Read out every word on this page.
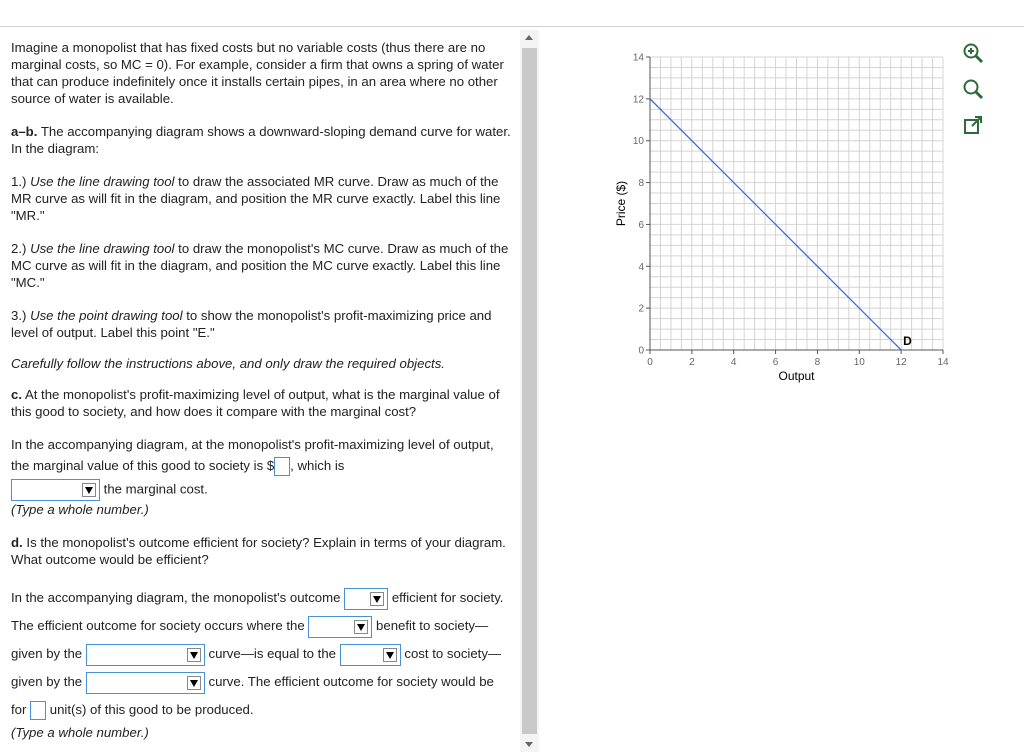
Imagine a monopolist that has fixed costs but no variable costs (thus there are no marginal costs, so MC = 0). For example, consider a firm that owns a spring of water that can produce indefinitely once it installs certain pipes, in an area where no other source of water is available.

a–b. The accompanying diagram shows a downward-sloping demand curve for water. In the diagram:

1.) Use the line drawing tool to draw the associated MR curve. Draw as much of the MR curve as will fit in the diagram, and position the MR curve exactly. Label this line "MR."

2.) Use the line drawing tool to draw the monopolist's MC curve. Draw as much of the MC curve as will fit in the diagram, and position the MC curve exactly. Label this line "MC."

3.) Use the point drawing tool to show the monopolist's profit-maximizing price and level of output. Label this point "E."

Carefully follow the instructions above, and only draw the required objects.

c. At the monopolist's profit-maximizing level of output, what is the marginal value of this good to society, and how does it compare with the marginal cost?

In the accompanying diagram, at the monopolist's profit-maximizing level of output, the marginal value of this good to society is $ , which is

the marginal cost.

(Type a whole number.)

d. Is the monopolist's outcome efficient for society? Explain in terms of your diagram. What outcome would be efficient?

In the accompanying diagram, the monopolist's outcome	efficient for society. The efficient outcome for society occurs where the	benefit to society—given by the	curve—is equal to the	cost to society—given by the	curve. The efficient outcome for society would be for unit(s) of this good to be produced.

(Type a whole number.)

0	2	4	6	8	10	12	14
0
2
4
6
8
10
12
14
D
Output
Price ($)
